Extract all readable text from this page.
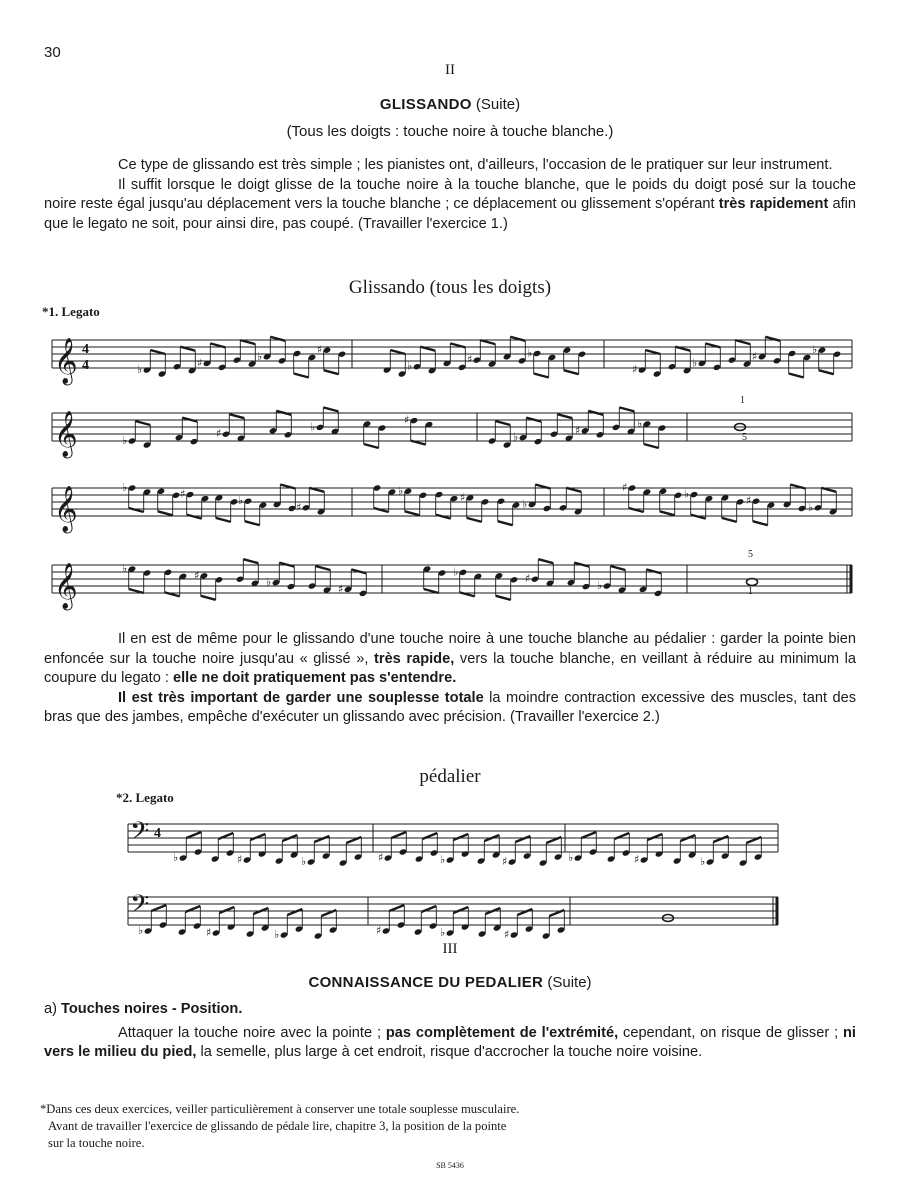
30
II
GLISSANDO (Suite)
(Tous les doigts : touche noire à touche blanche.)

Ce type de glissando est très simple ; les pianistes ont, d'ailleurs, l'occasion de le pratiquer sur leur instrument.

Il suffit lorsque le doigt glisse de la touche noire à la touche blanche, que le poids du doigt posé sur la touche noire reste égal jusqu'au déplacement vers la touche blanche ; ce déplacement ou glissement s'opérant très rapidement afin que le legato ne soit, pour ainsi dire, pas coupé. (Travailler l'exercice 1.)

Glissando (tous les doigts)
*1. Legato
𝄞 4
4	♭
♯
♭
♯
♭
♯
♭
♯
♭
♯
♭
𝄞	♭
♯
♭
♯
♭
♯
♭
𝄞	♭
♯
♭
♯
♭
♯
♭
♯
♭
♯
♭
𝄞	♭
♯
♭
♯
♭
♯
♭
1
5
5
1

Il en est de même pour le glissando d'une touche noire à une touche blanche au pédalier : garder la pointe bien enfoncée sur la touche noire jusqu'au « glissé », très rapide, vers la touche blanche, en veillant à réduire au minimum la coupure du legato : elle ne doit pratiquement pas s'entendre.

Il est très important de garder une souplesse totale la moindre contraction excessive des muscles, tant des bras que des jambes, empêche d'exécuter un glissando avec précision. (Travailler l'exercice 2.)

pédalier
*2. Legato
𝄢 4
♭	♯	♭	♯	♭	♯	♭	♯	♭
𝄢
♭	♯	♭	♯	♭	♯
III
CONNAISSANCE DU PEDALIER (Suite)

a) Touches noires - Position.

Attaquer la touche noire avec la pointe ; pas complètement de l'extrémité, cependant, on risque de glisser ; ni vers le milieu du pied, la semelle, plus large à cet endroit, risque d'accrocher la touche noire voisine.

*Dans ces deux exercices, veiller particulièrement à conserver une totale souplesse musculaire.

Avant de travailler l'exercice de glissando de pédale lire, chapitre 3, la position de la pointe

sur la touche noire.

SB 5436
